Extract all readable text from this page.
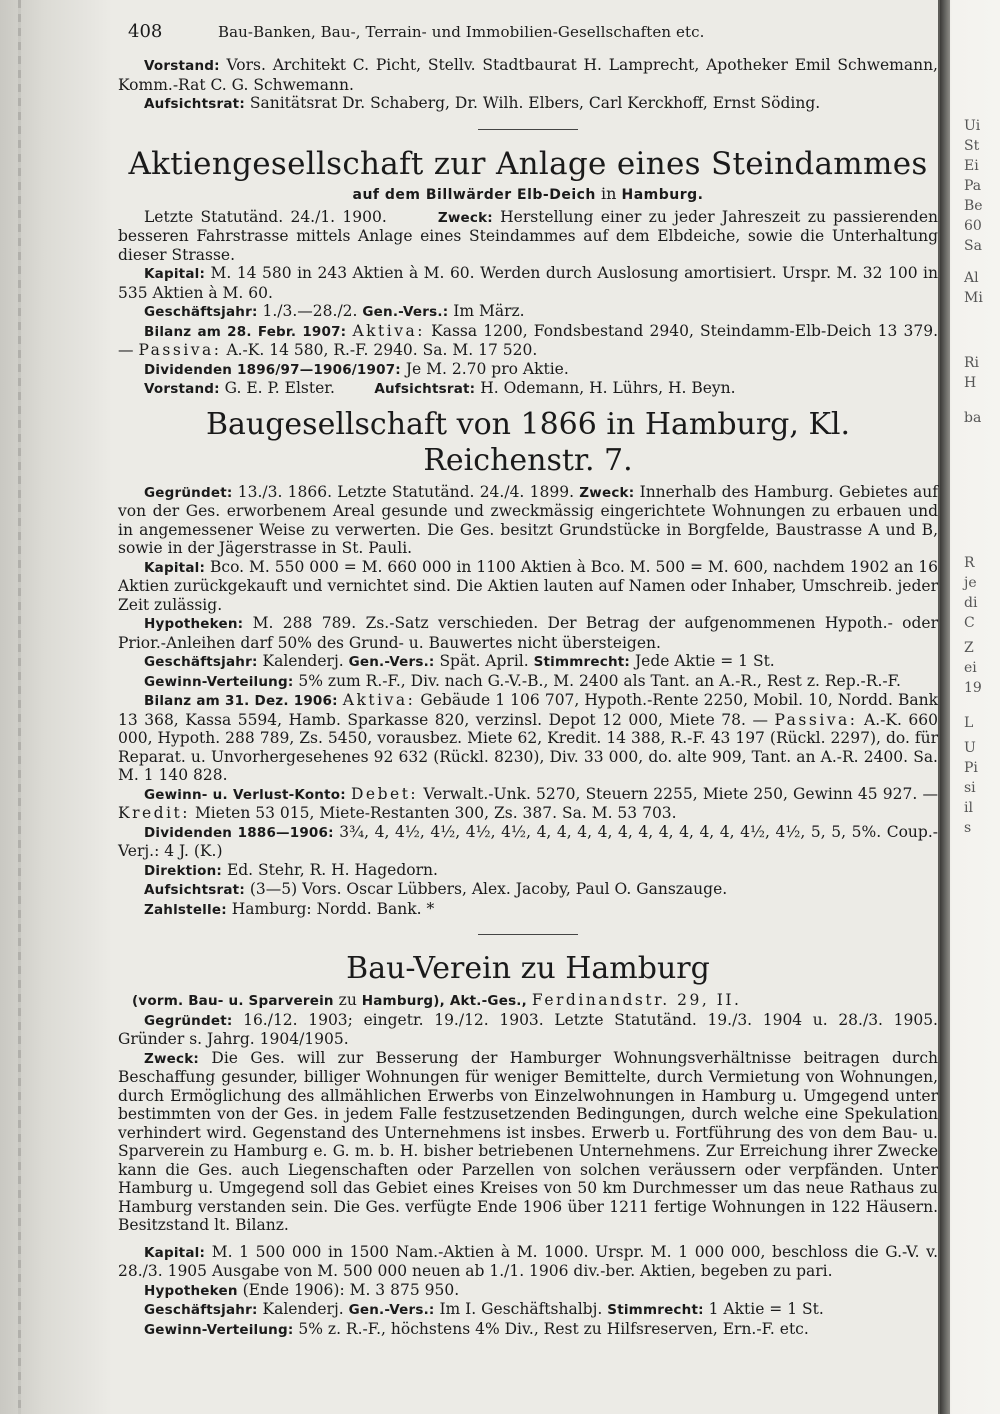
Ui
St
Ei
Pa
Be
60
Sa
Al
Mi
Ri
H
ba
R
je
di
C
Z
ei
19
L
U
Pi
si
il
s
408	Bau-Banken, Bau-, Terrain- und Immobilien-Gesellschaften etc.

Vorstand: Vors. Architekt C. Picht, Stellv. Stadtbaurat H. Lamprecht, Apotheker Emil Schwemann, Komm.-Rat C. G. Schwemann.

Aufsichtsrat: Sanitätsrat Dr. Schaberg, Dr. Wilh. Elbers, Carl Kerckhoff, Ernst Söding.

Aktiengesellschaft zur Anlage eines Steindammes
auf dem Billwärder Elb-Deich in Hamburg.

Letzte Statutänd. 24./1. 1900.	Zweck: Herstellung einer zu jeder Jahreszeit zu passierenden besseren Fahrstrasse mittels Anlage eines Steindammes auf dem Elbdeiche, sowie die Unterhaltung dieser Strasse.

Kapital: M. 14 580 in 243 Aktien à M. 60. Werden durch Auslosung amortisiert. Urspr. M. 32 100 in 535 Aktien à M. 60.

Geschäftsjahr: 1./3.—28./2. Gen.-Vers.: Im März.

Bilanz am 28. Febr. 1907: Aktiva: Kassa 1200, Fondsbestand 2940, Steindamm-Elb-Deich 13 379. — Passiva: A.-K. 14 580, R.-F. 2940. Sa. M. 17 520.

Dividenden 1896/97—1906/1907: Je M. 2.70 pro Aktie.

Vorstand: G. E. P. Elster.	Aufsichtsrat: H. Odemann, H. Lührs, H. Beyn.

Baugesellschaft von 1866 in Hamburg, Kl. Reichenstr. 7.

Gegründet: 13./3. 1866. Letzte Statutänd. 24./4. 1899. Zweck: Innerhalb des Hamburg. Gebietes auf von der Ges. erworbenem Areal gesunde und zweckmässig eingerichtete Wohnungen zu erbauen und in angemessener Weise zu verwerten. Die Ges. besitzt Grundstücke in Borgfelde, Baustrasse A und B, sowie in der Jägerstrasse in St. Pauli.

Kapital: Bco. M. 550 000 = M. 660 000 in 1100 Aktien à Bco. M. 500 = M. 600, nachdem 1902 an 16 Aktien zurückgekauft und vernichtet sind. Die Aktien lauten auf Namen oder Inhaber, Umschreib. jeder Zeit zulässig.

Hypotheken: M. 288 789. Zs.-Satz verschieden. Der Betrag der aufgenommenen Hypoth.- oder Prior.-Anleihen darf 50% des Grund- u. Bauwertes nicht übersteigen.

Geschäftsjahr: Kalenderj. Gen.-Vers.: Spät. April. Stimmrecht: Jede Aktie = 1 St.

Gewinn-Verteilung: 5% zum R.-F., Div. nach G.-V.-B., M. 2400 als Tant. an A.-R., Rest z. Rep.-R.-F.

Bilanz am 31. Dez. 1906: Aktiva: Gebäude 1 106 707, Hypoth.-Rente 2250, Mobil. 10, Nordd. Bank 13 368, Kassa 5594, Hamb. Sparkasse 820, verzinsl. Depot 12 000, Miete 78. — Passiva: A.-K. 660 000, Hypoth. 288 789, Zs. 5450, vorausbez. Miete 62, Kredit. 14 388, R.-F. 43 197 (Rückl. 2297), do. für Reparat. u. Unvorhergesehenes 92 632 (Rückl. 8230), Div. 33 000, do. alte 909, Tant. an A.-R. 2400. Sa. M. 1 140 828.

Gewinn- u. Verlust-Konto: Debet: Verwalt.-Unk. 5270, Steuern 2255, Miete 250, Gewinn 45 927. — Kredit: Mieten 53 015, Miete-Restanten 300, Zs. 387. Sa. M. 53 703.

Dividenden 1886—1906: 3¾, 4, 4½, 4½, 4½, 4½, 4, 4, 4, 4, 4, 4, 4, 4, 4, 4, 4½, 4½, 5, 5, 5%. Coup.-Verj.: 4 J. (K.)

Direktion: Ed. Stehr, R. H. Hagedorn.

Aufsichtsrat: (3—5) Vors. Oscar Lübbers, Alex. Jacoby, Paul O. Ganszauge.

Zahlstelle: Hamburg: Nordd. Bank. *

Bau-Verein zu Hamburg

(vorm. Bau- u. Sparverein zu Hamburg), Akt.-Ges., Ferdinandstr. 29, II.

Gegründet: 16./12. 1903; eingetr. 19./12. 1903. Letzte Statutänd. 19./3. 1904 u. 28./3. 1905. Gründer s. Jahrg. 1904/1905.

Zweck: Die Ges. will zur Besserung der Hamburger Wohnungsverhältnisse beitragen durch Beschaffung gesunder, billiger Wohnungen für weniger Bemittelte, durch Vermietung von Wohnungen, durch Ermöglichung des allmählichen Erwerbs von Einzelwohnungen in Hamburg u. Umgegend unter bestimmten von der Ges. in jedem Falle festzusetzenden Bedingungen, durch welche eine Spekulation verhindert wird. Gegenstand des Unternehmens ist insbes. Erwerb u. Fortführung des von dem Bau- u. Sparverein zu Hamburg e. G. m. b. H. bisher betriebenen Unternehmens. Zur Erreichung ihrer Zwecke kann die Ges. auch Liegenschaften oder Parzellen von solchen veräussern oder verpfänden. Unter Hamburg u. Umgegend soll das Gebiet eines Kreises von 50 km Durchmesser um das neue Rathaus zu Hamburg verstanden sein. Die Ges. verfügte Ende 1906 über 1211 fertige Wohnungen in 122 Häusern. Besitzstand lt. Bilanz.

Kapital: M. 1 500 000 in 1500 Nam.-Aktien à M. 1000. Urspr. M. 1 000 000, beschloss die G.-V. v. 28./3. 1905 Ausgabe von M. 500 000 neuen ab 1./1. 1906 div.-ber. Aktien, begeben zu pari.

Hypotheken (Ende 1906): M. 3 875 950.

Geschäftsjahr: Kalenderj. Gen.-Vers.: Im I. Geschäftshalbj. Stimmrecht: 1 Aktie = 1 St.

Gewinn-Verteilung: 5% z. R.-F., höchstens 4% Div., Rest zu Hilfsreserven, Ern.-F. etc.
